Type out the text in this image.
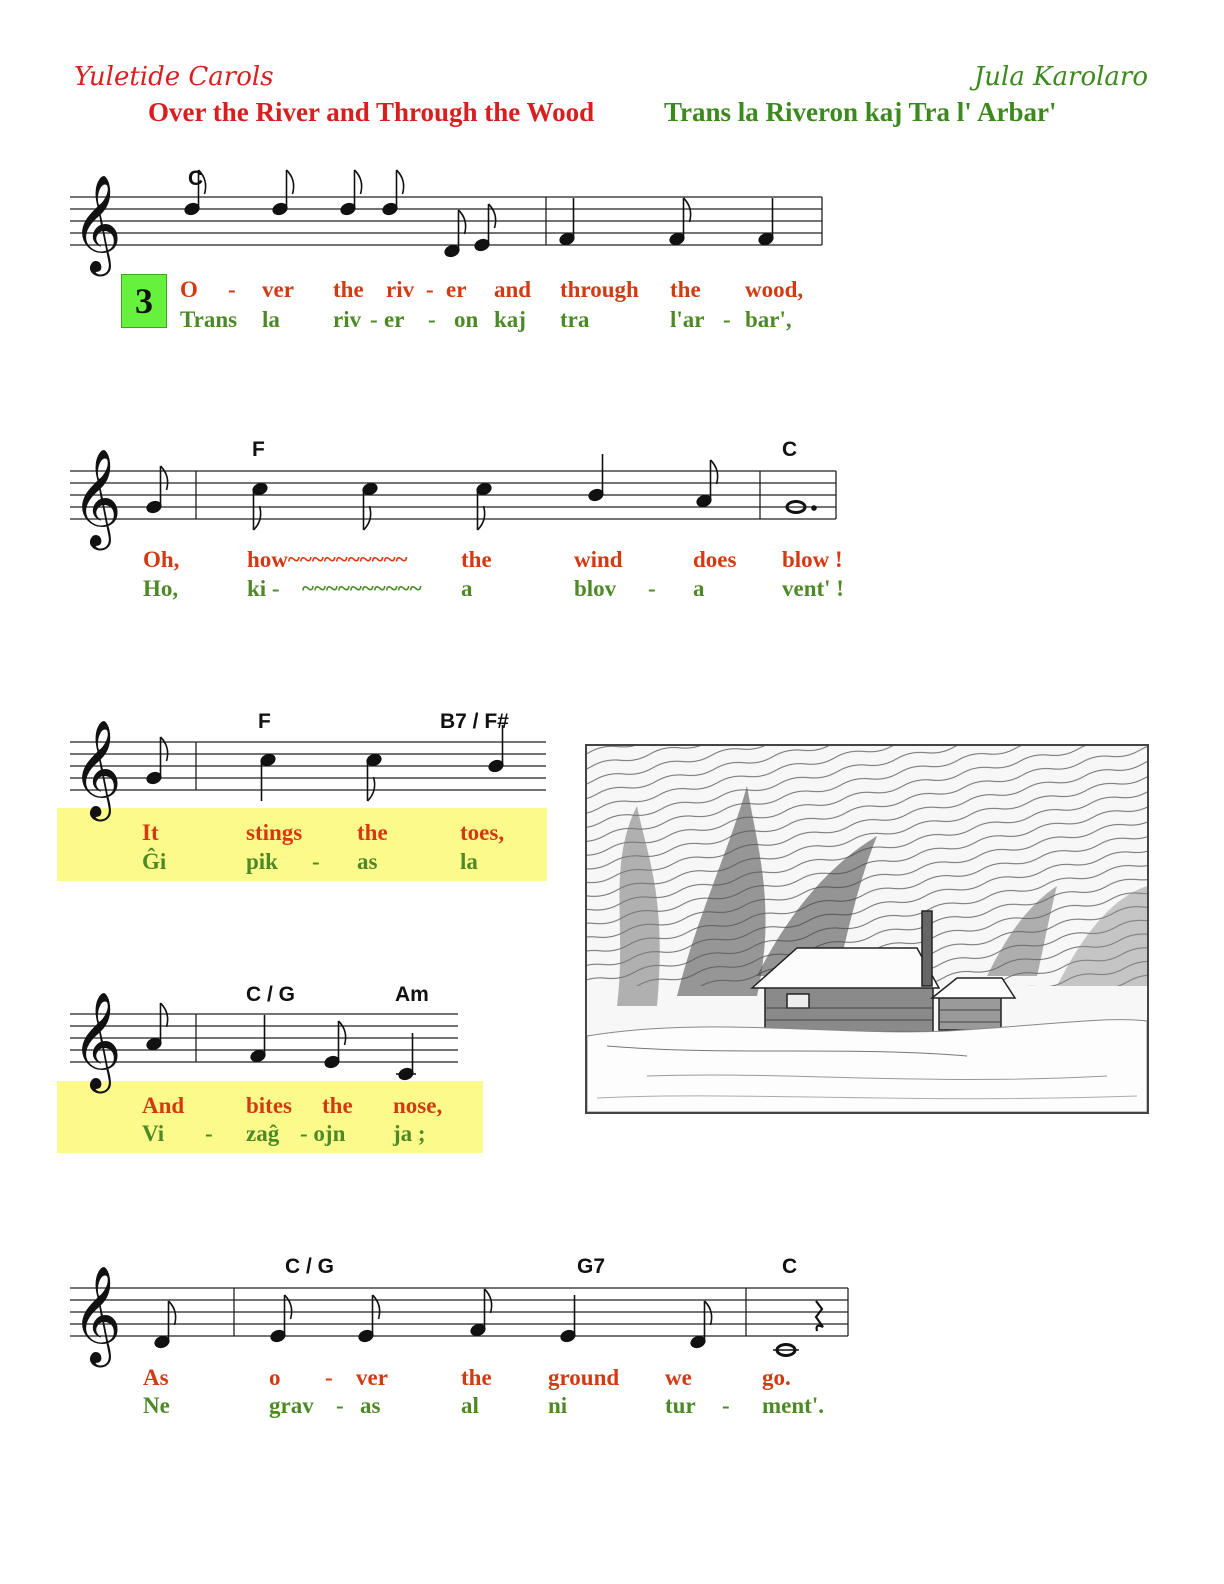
Yuletide Carols	Jula Karolaro
Over the River and Through the Wood	Trans la Riveron kaj Tra l' Arbar'
𝄞	C
3	O - ver the riv - er and through the wood,
Trans la riv - er - on kaj tra	l'ar - bar',
𝄞	F	C
Oh,	how~~~~~~~~~~ the	wind	does blow !
Ho,	ki - ~~~~~~~~~~ a	blov - a	vent' !
𝄞	F	B7 / F#
It	stings the	toes,
Ĝi	pik - as	la
𝄞	C / G	Am
And	bites the nose,
Vi - zaĝ - ojn ja ;
𝄞	C / G	G7	C
As	o - ver	the ground we	go.
Ne	grav - as	al	ni	tur - ment'.
